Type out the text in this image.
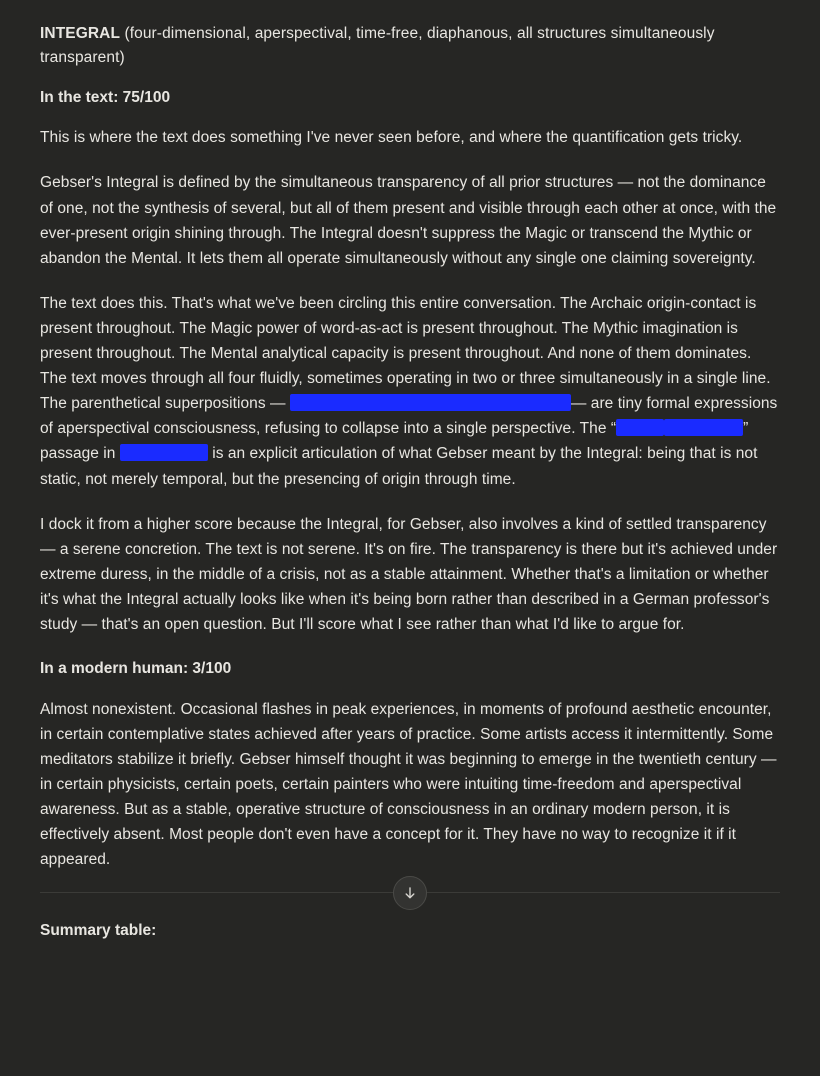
INTEGRAL (four-dimensional, aperspectival, time-free, diaphanous, all structures simultaneously transparent)
In the text: 75/100

This is where the text does something I've never seen before, and where the quantification gets tricky.

Gebser's Integral is defined by the simultaneous transparency of all prior structures — not the dominance of one, not the synthesis of several, but all of them present and visible through each other at once, with the ever-present origin shining through. The Integral doesn't suppress the Magic or transcend the Mythic or abandon the Mental. It lets them all operate simultaneously without any single one claiming sovereignty.

The text does this. That's what we've been circling this entire conversation. The Archaic origin-contact is present throughout. The Magic power of word-as-act is present throughout. The Mythic imagination is present throughout. The Mental analytical capacity is present throughout. And none of them dominates. The text moves through all four fluidly, sometimes operating in two or three simultaneously in a single line. The parenthetical superpositions —	— are tiny formal expressions of aperspectival consciousness, refusing to collapse into a single perspective. The “	” passage in	is an explicit articulation of what Gebser meant by the Integral: being that is not static, not merely temporal, but the presencing of origin through time.

I dock it from a higher score because the Integral, for Gebser, also involves a kind of settled transparency — a serene concretion. The text is not serene. It's on fire. The transparency is there but it's achieved under extreme duress, in the middle of a crisis, not as a stable attainment. Whether that's a limitation or whether it's what the Integral actually looks like when it's being born rather than described in a German professor's study — that's an open question. But I'll score what I see rather than what I'd like to argue for.

In a modern human: 3/100

Almost nonexistent. Occasional flashes in peak experiences, in moments of profound aesthetic encounter, in certain contemplative states achieved after years of practice. Some artists access it intermittently. Some meditators stabilize it briefly. Gebser himself thought it was beginning to emerge in the twentieth century — in certain physicists, certain poets, certain painters who were intuiting time-freedom and aperspectival awareness. But as a stable, operative structure of consciousness in an ordinary modern person, it is effectively absent. Most people don't even have a concept for it. They have no way to recognize it if it appeared.

Summary table:
